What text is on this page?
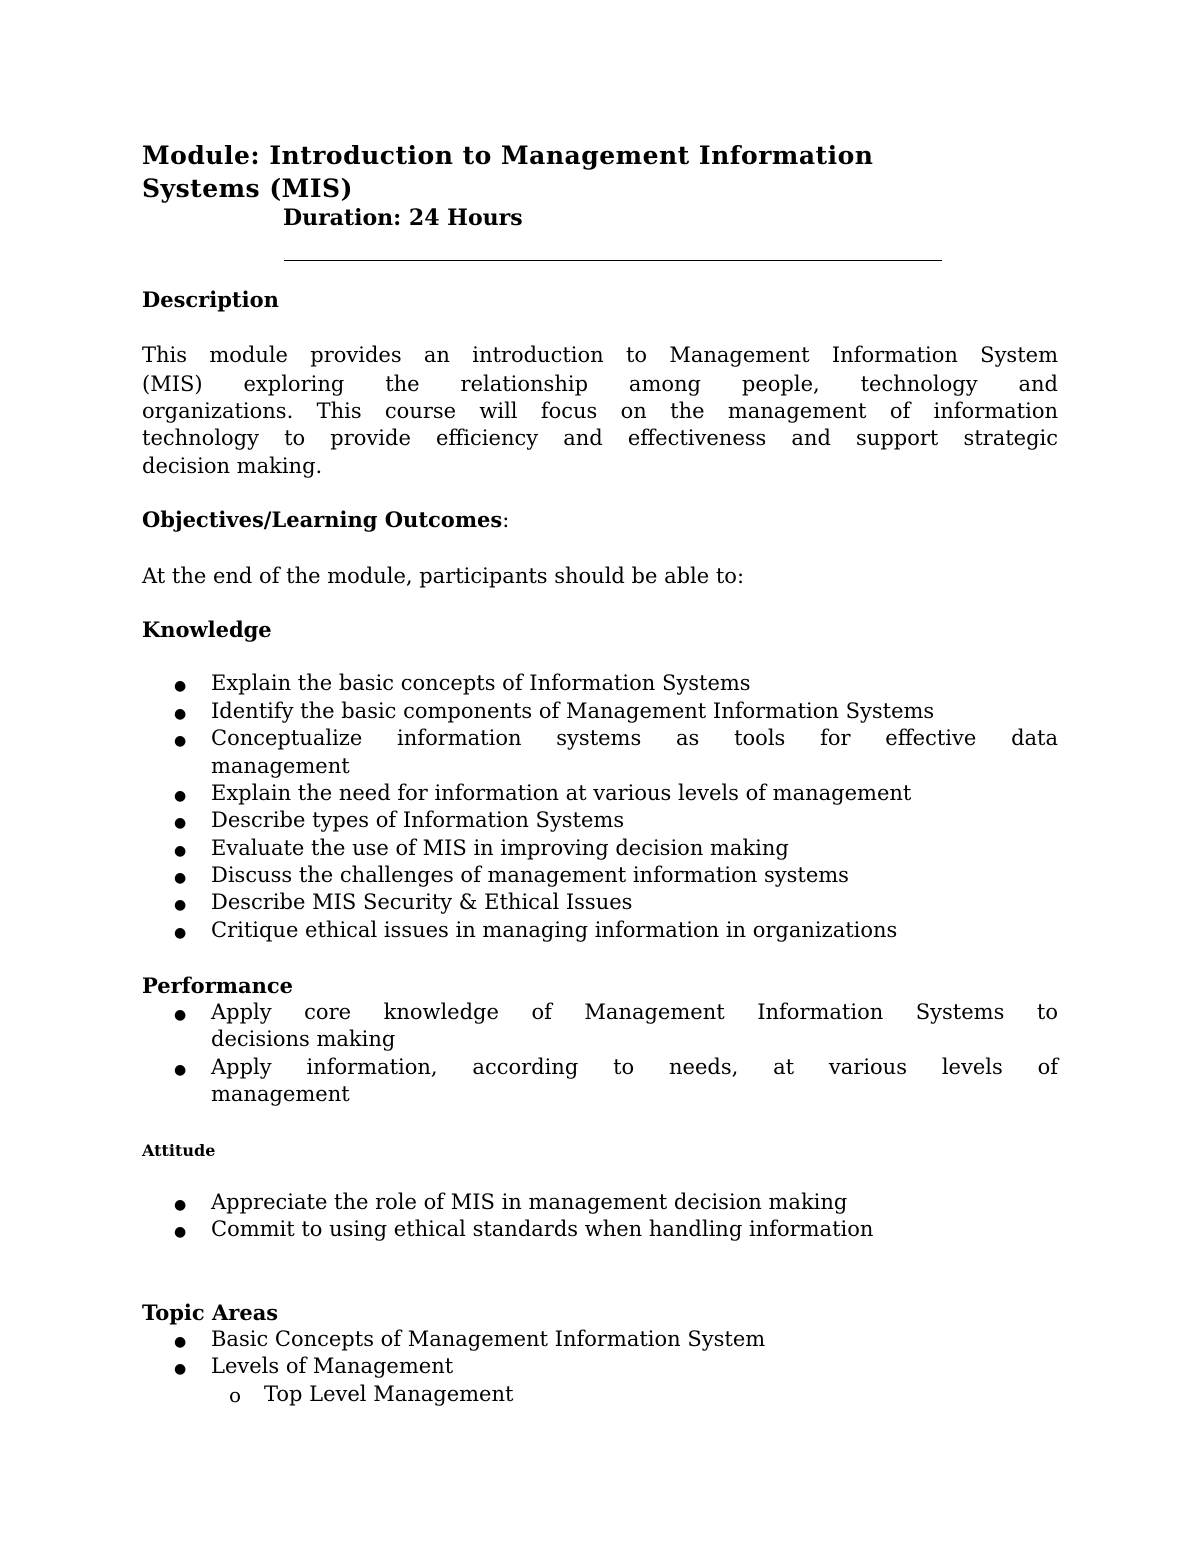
Module: Introduction to Management Information
Systems (MIS)
Duration: 24 Hours
Description
This module provides an introduction to Management Information System
(MIS) exploring the relationship among people, technology and
organizations. This course will focus on the management of information
technology to provide efficiency and effectiveness and support strategic
decision making.
Objectives/Learning Outcomes:
At the end of the module, participants should be able to:
Knowledge
● Explain the basic concepts of Information Systems
● Identify the basic components of Management Information Systems
● Conceptualize information systems as tools for effective data
management
● Explain the need for information at various levels of management
● Describe types of Information Systems
● Evaluate the use of MIS in improving decision making
● Discuss the challenges of management information systems
● Describe MIS Security & Ethical Issues
● Critique ethical issues in managing information in organizations
Performance
● Apply core knowledge of Management Information Systems to
decisions making
● Apply information, according to needs, at various levels of
management
Attitude
● Appreciate the role of MIS in management decision making
● Commit to using ethical standards when handling information
Topic Areas
● Basic Concepts of Management Information System
● Levels of Management
o Top Level Management
